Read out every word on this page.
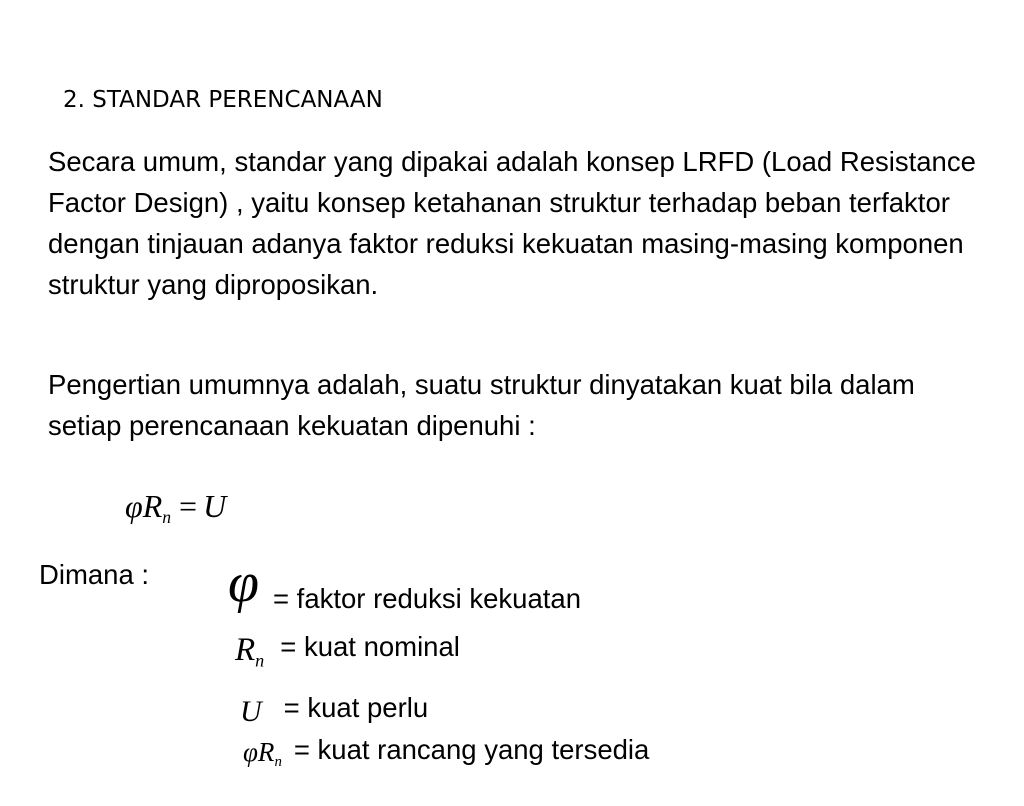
2. STANDAR PERENCANAAN

Secara umum, standar yang dipakai adalah konsep LRFD (Load Resistance Factor Design) , yaitu konsep ketahanan struktur terhadap beban terfaktor dengan tinjauan adanya faktor reduksi kekuatan masing-masing komponen struktur yang diproposikan.

Pengertian umumnya adalah, suatu struktur dinyatakan kuat bila dalam setiap perencanaan kekuatan dipenuhi :

$\varphi R_n = U$
Dimana : φ = faktor reduksi kekuatan
$R_n$ = kuat nominal
U = kuat perlu
$\varphi R_n$ = kuat rancang yang tersedia
